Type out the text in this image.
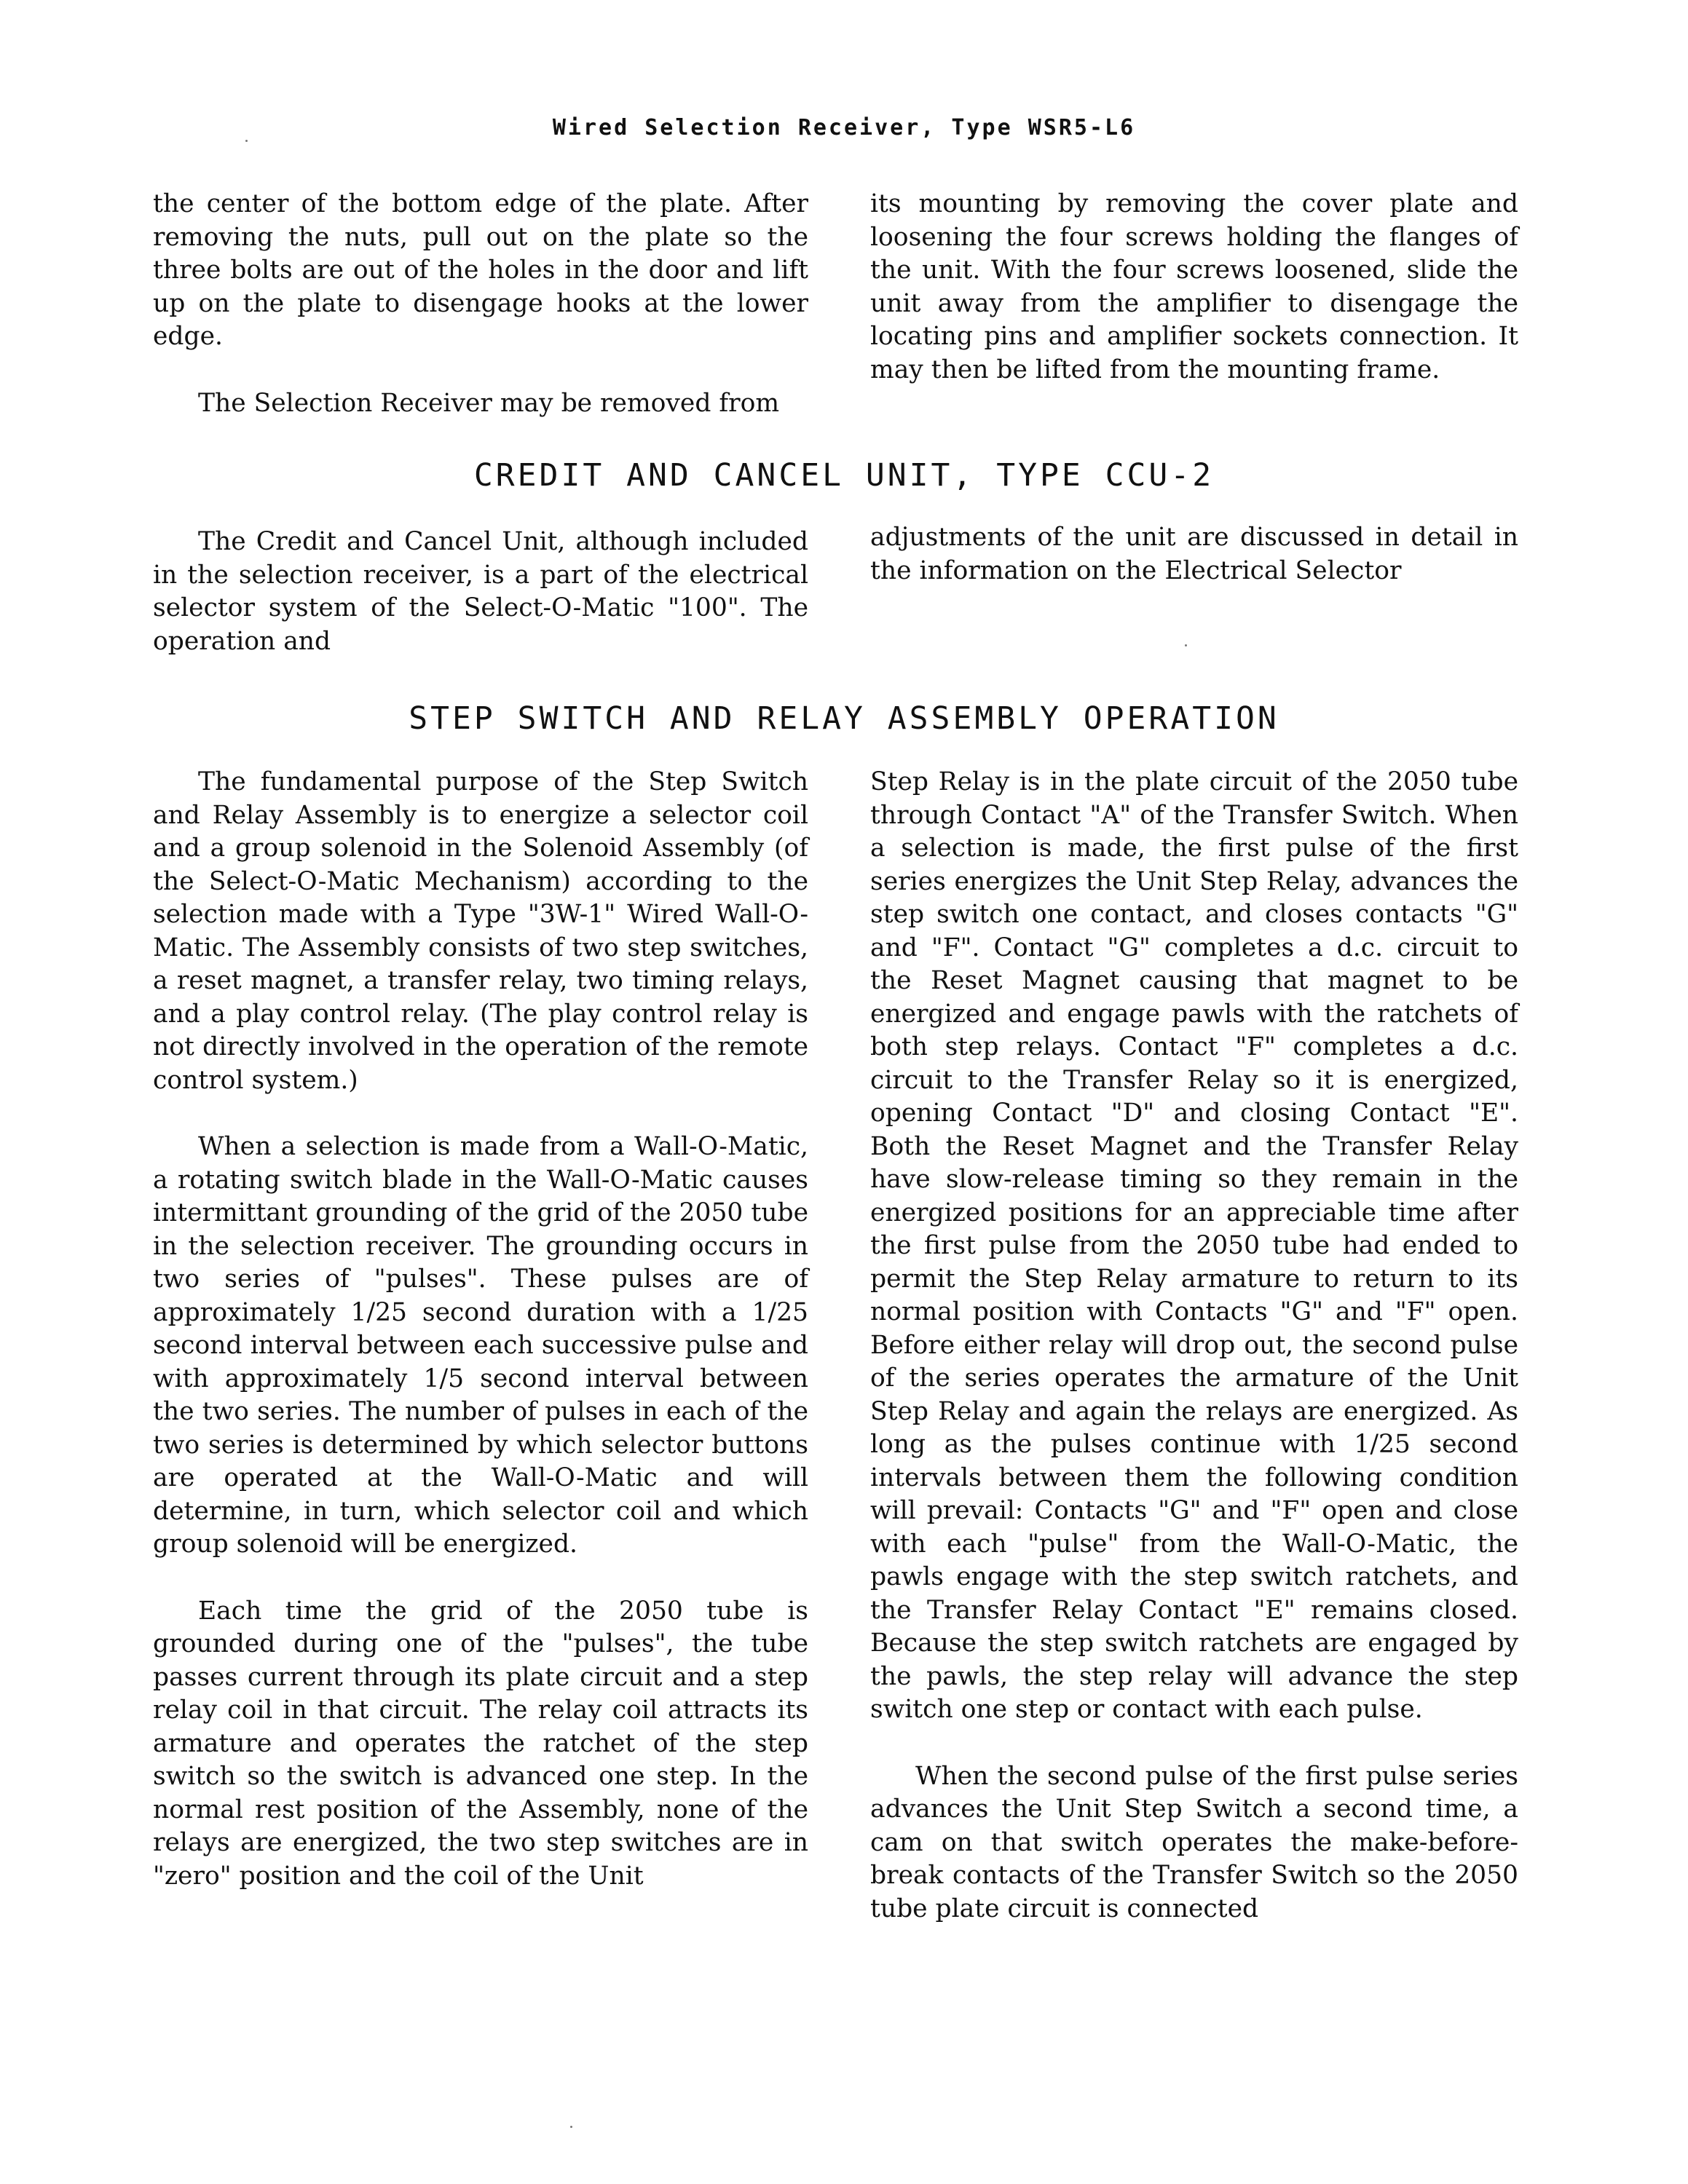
Wired Selection Receiver, Type WSR5-L6

the center of the bottom edge of the plate. After removing the nuts, pull out on the plate so the three bolts are out of the holes in the door and lift up on the plate to disengage hooks at the lower edge.

The Selection Receiver may be removed from

its mounting by removing the cover plate and loosening the four screws holding the flanges of the unit. With the four screws loosened, slide the unit away from the amplifier to disengage the locating pins and amplifier sockets connection. It may then be lifted from the mounting frame.

CREDIT AND CANCEL UNIT, TYPE CCU-2

The Credit and Cancel Unit, although included in the selection receiver, is a part of the electrical selector system of the Select-O-Matic "100". The operation and

adjustments of the unit are discussed in detail in the information on the Electrical Selector

STEP SWITCH AND RELAY ASSEMBLY OPERATION

The fundamental purpose of the Step Switch and Relay Assembly is to energize a selector coil and a group solenoid in the Solenoid Assembly (of the Select-O-Matic Mechanism) according to the selection made with a Type "3W-1" Wired Wall-O-Matic. The Assembly consists of two step switches, a reset magnet, a transfer relay, two timing relays, and a play control relay. (The play control relay is not directly involved in the operation of the remote control system.)

When a selection is made from a Wall-O-Matic, a rotating switch blade in the Wall-O-Matic causes intermittant grounding of the grid of the 2050 tube in the selection receiver. The grounding occurs in two series of "pulses". These pulses are of approximately 1/25 second duration with a 1/25 second interval between each successive pulse and with approximately 1/5 second interval between the two series. The number of pulses in each of the two series is determined by which selector buttons are operated at the Wall-O-Matic and will determine, in turn, which selector coil and which group solenoid will be energized.

Each time the grid of the 2050 tube is grounded during one of the "pulses", the tube passes current through its plate circuit and a step relay coil in that circuit. The relay coil attracts its armature and operates the ratchet of the step switch so the switch is advanced one step. In the normal rest position of the Assembly, none of the relays are energized, the two step switches are in "zero" position and the coil of the Unit

Step Relay is in the plate circuit of the 2050 tube through Contact "A" of the Transfer Switch. When a selection is made, the first pulse of the first series energizes the Unit Step Relay, advances the step switch one contact, and closes contacts "G" and "F". Contact "G" completes a d.c. circuit to the Reset Magnet causing that magnet to be energized and engage pawls with the ratchets of both step relays. Contact "F" completes a d.c. circuit to the Transfer Relay so it is energized, opening Contact "D" and closing Contact "E". Both the Reset Magnet and the Transfer Relay have slow-release timing so they remain in the energized positions for an appreciable time after the first pulse from the 2050 tube had ended to permit the Step Relay armature to return to its normal position with Contacts "G" and "F" open. Before either relay will drop out, the second pulse of the series operates the armature of the Unit Step Relay and again the relays are energized. As long as the pulses continue with 1/25 second intervals between them the following condition will prevail: Contacts "G" and "F" open and close with each "pulse" from the Wall-O-Matic, the pawls engage with the step switch ratchets, and the Transfer Relay Contact "E" remains closed. Because the step switch ratchets are engaged by the pawls, the step relay will advance the step switch one step or contact with each pulse.

When the second pulse of the first pulse series advances the Unit Step Switch a second time, a cam on that switch operates the make-before-break contacts of the Transfer Switch so the 2050 tube plate circuit is connected
